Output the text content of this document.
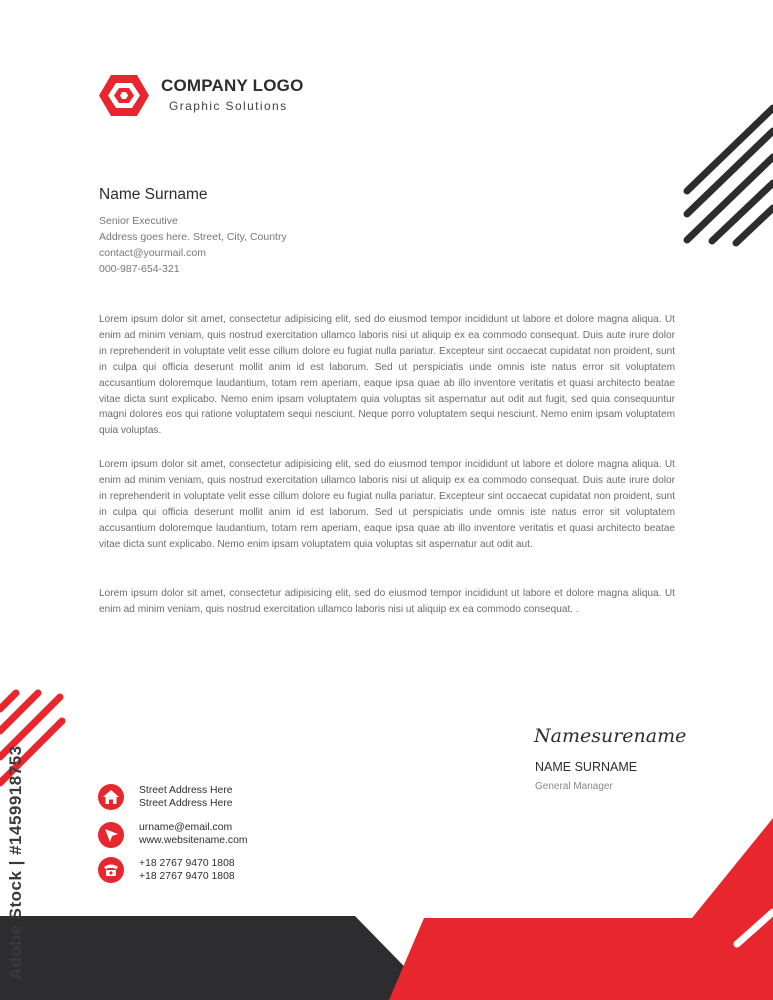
COMPANY LOGO
Graphic Solutions
Name Surname
Senior Executive
Address goes here. Street, City, Country
contact@yourmail.com
000-987-654-321

Lorem ipsum dolor sit amet, consectetur adipisicing elit, sed do eiusmod tempor incididunt ut labore et dolore magna aliqua. Ut enim ad minim veniam, quis nostrud exercitation ullamco laboris nisi ut aliquip ex ea commodo consequat. Duis aute irure dolor in reprehenderit in voluptate velit esse cillum dolore eu fugiat nulla pariatur. Excepteur sint occaecat cupidatat non proident, sunt in culpa qui officia deserunt mollit anim id est laborum. Sed ut perspiciatis unde omnis iste natus error sit voluptatem accusantium doloremque laudantium, totam rem aperiam, eaque ipsa quae ab illo inventore veritatis et quasi architecto beatae vitae dicta sunt explicabo. Nemo enim ipsam voluptatem quia voluptas sit aspernatur aut odit aut fugit, sed quia consequuntur magni dolores eos qui ratione voluptatem sequi nesciunt. Neque porro voluptatem sequi nesciunt. Nemo enim ipsam voluptatem quia voluptas.

Lorem ipsum dolor sit amet, consectetur adipisicing elit, sed do eiusmod tempor incididunt ut labore et dolore magna aliqua. Ut enim ad minim veniam, quis nostrud exercitation ullamco laboris nisi ut aliquip ex ea commodo consequat. Duis aute irure dolor in reprehenderit in voluptate velit esse cillum dolore eu fugiat nulla pariatur. Excepteur sint occaecat cupidatat non proident, sunt in culpa qui officia deserunt mollit anim id est laborum. Sed ut perspiciatis unde omnis iste natus error sit voluptatem accusantium doloremque laudantium, totam rem aperiam, eaque ipsa quae ab illo inventore veritatis et quasi architecto beatae vitae dicta sunt explicabo. Nemo enim ipsam voluptatem quia voluptas sit aspernatur aut odit aut.

Lorem ipsum dolor sit amet, consectetur adipisicing elit, sed do eiusmod tempor incididunt ut labore et dolore magna aliqua. Ut enim ad minim veniam, quis nostrud exercitation ullamco laboris nisi ut aliquip ex ea commodo consequat. .

Namesurename
NAME SURNAME
General Manager
Street Address Here
Street Address Here
urname@email.com
www.websitename.com
+18 2767 9470 1808
+18 2767 9470 1808
Adobe Stock | #1459918753
